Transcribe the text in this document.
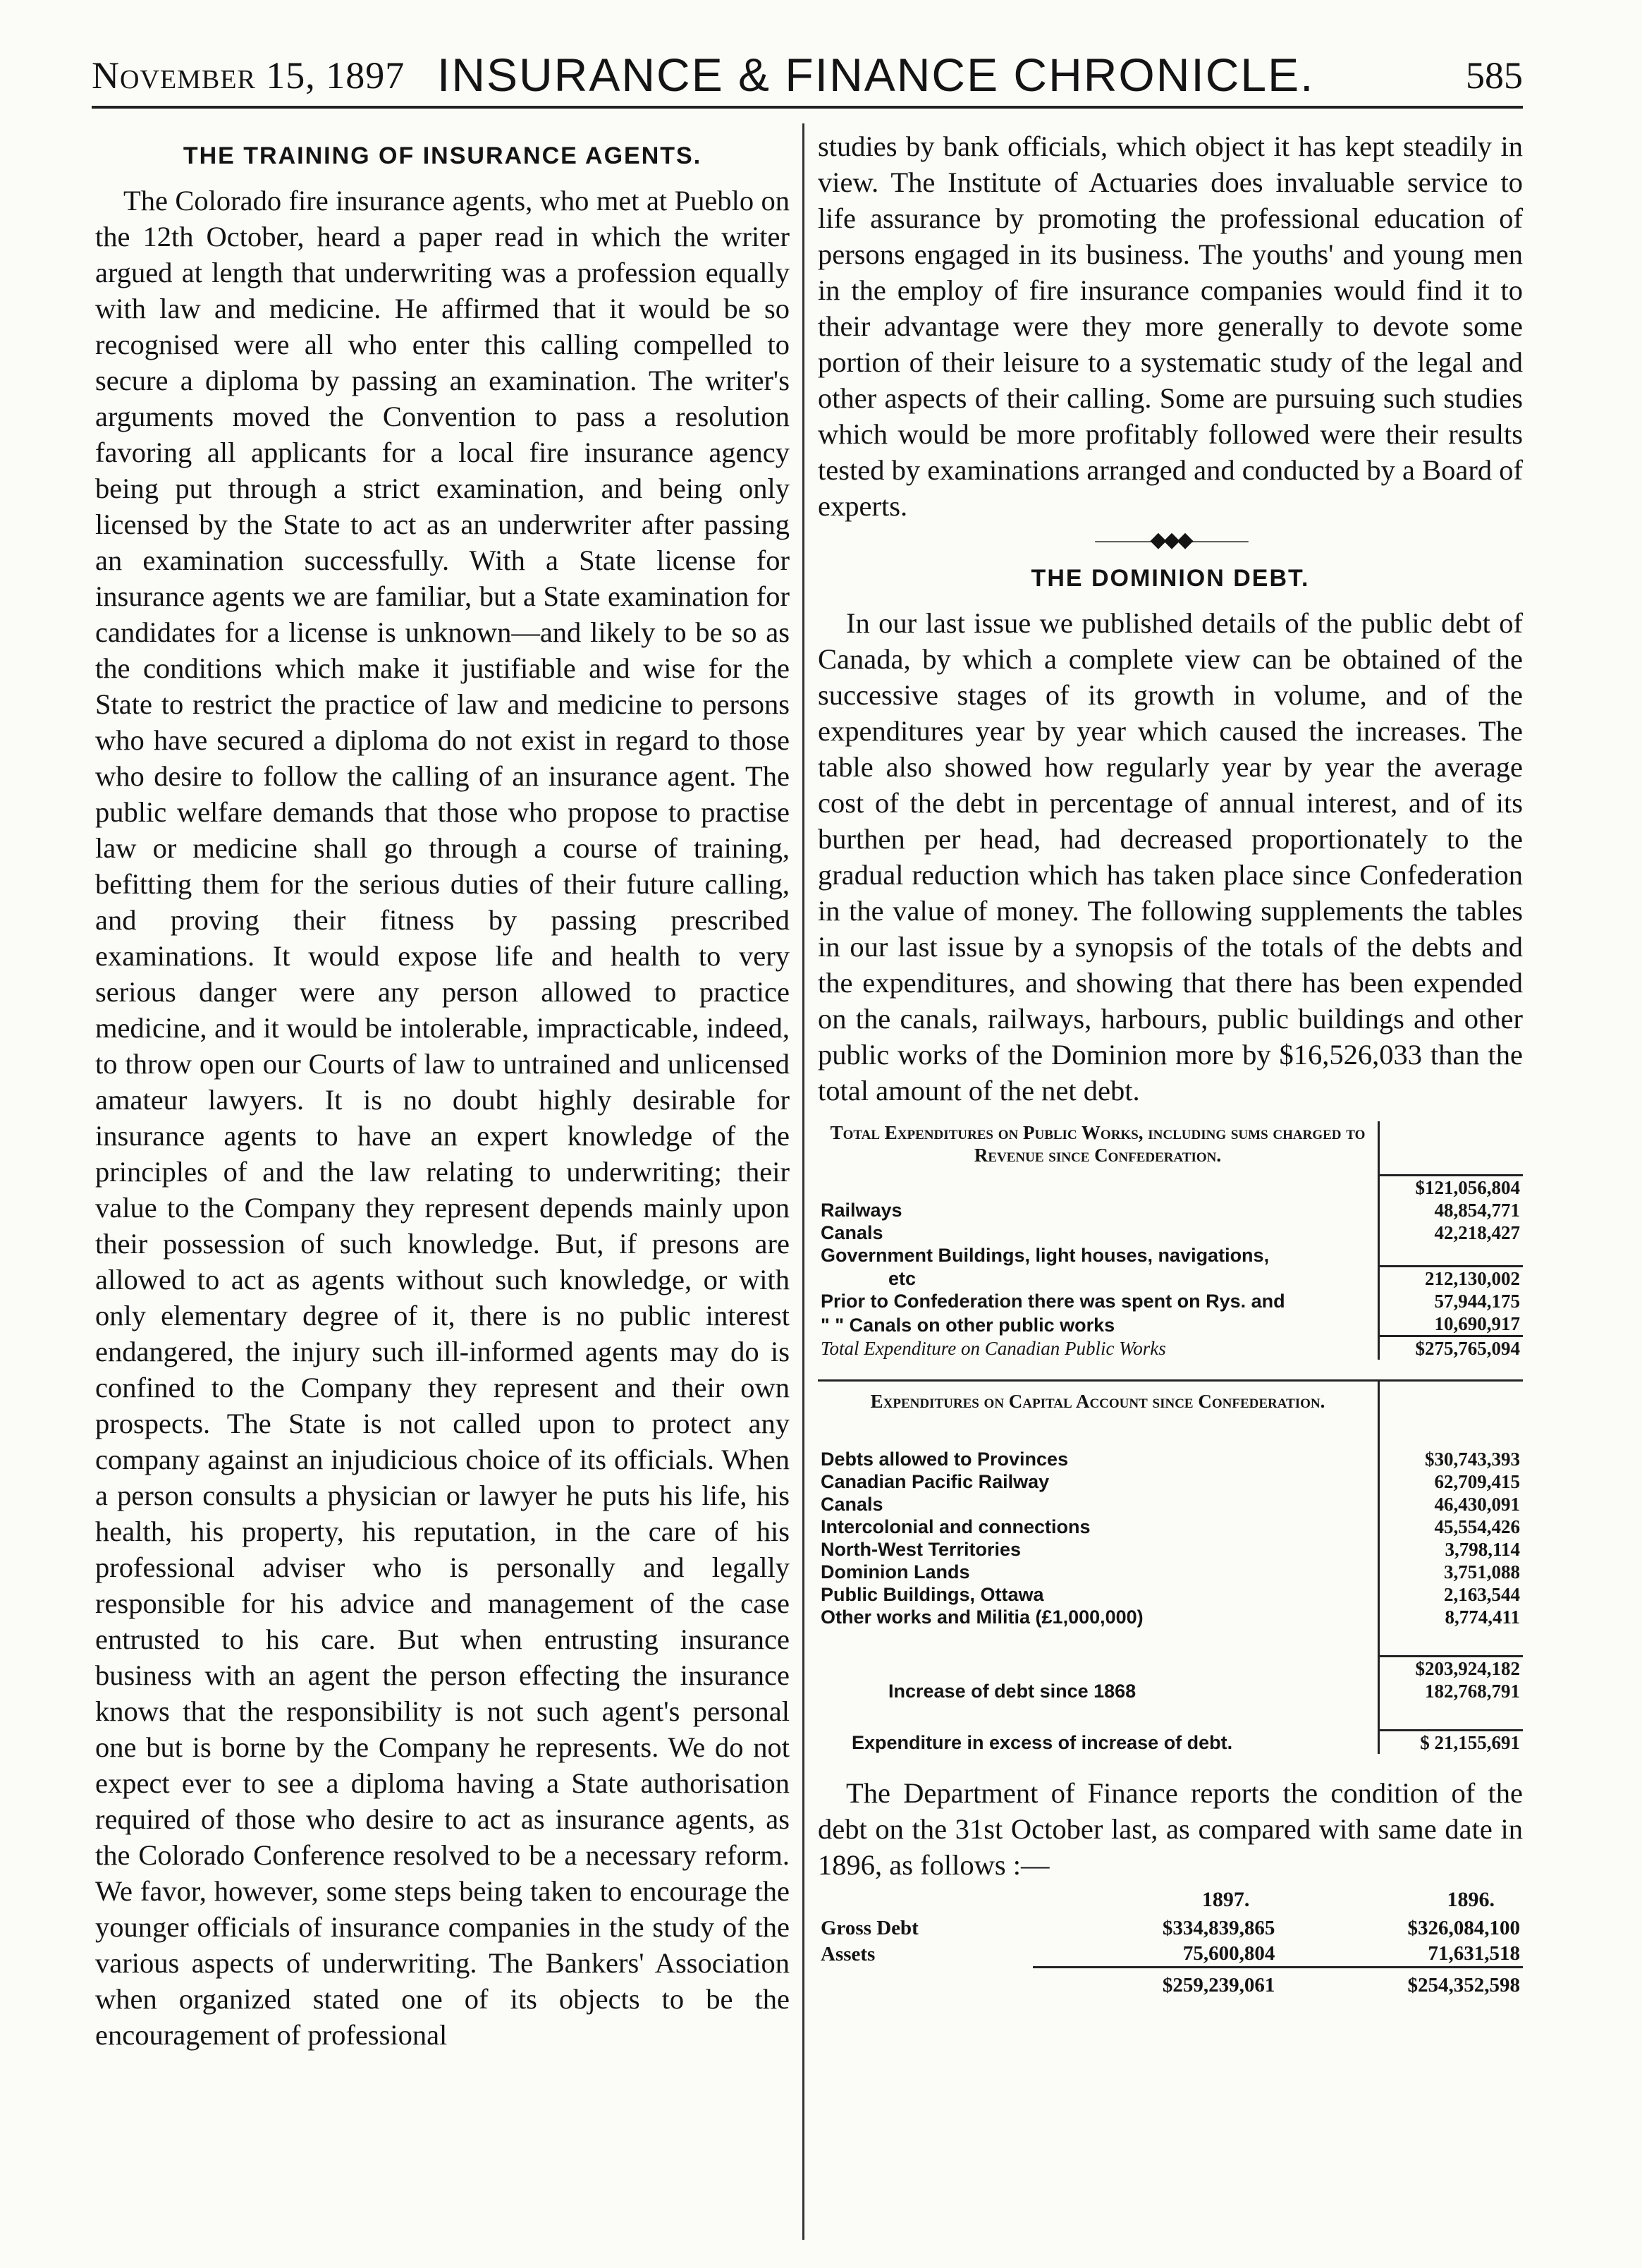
November 15, 1897 INSURANCE & FINANCE CHRONICLE.	585
THE TRAINING OF INSURANCE AGENTS.

The Colorado fire insurance agents, who met at Pueblo on the 12th October, heard a paper read in which the writer argued at length that underwriting was a profession equally with law and medicine. He affirmed that it would be so recognised were all who enter this calling compelled to secure a diploma by passing an examination. The writer's arguments moved the Convention to pass a resolution favoring all applicants for a local fire insurance agency being put through a strict examination, and being only licensed by the State to act as an underwriter after passing an examination successfully. With a State license for insurance agents we are familiar, but a State examination for candidates for a license is unknown—and likely to be so as the conditions which make it justifiable and wise for the State to restrict the practice of law and medicine to persons who have secured a diploma do not exist in regard to those who desire to follow the calling of an insurance agent. The public welfare demands that those who propose to practise law or medicine shall go through a course of training, befitting them for the serious duties of their future calling, and proving their fitness by passing prescribed examinations. It would expose life and health to very serious danger were any person allowed to practice medicine, and it would be intolerable, impracticable, indeed, to throw open our Courts of law to untrained and unlicensed amateur lawyers. It is no doubt highly desirable for insurance agents to have an expert knowledge of the principles of and the law relating to underwriting; their value to the Company they represent depends mainly upon their possession of such knowledge. But, if presons are allowed to act as agents without such knowledge, or with only elementary degree of it, there is no public interest endangered, the injury such ill-informed agents may do is confined to the Company they represent and their own prospects. The State is not called upon to protect any company against an injudicious choice of its officials. When a person consults a physician or lawyer he puts his life, his health, his property, his reputation, in the care of his professional adviser who is personally and legally responsible for his advice and management of the case entrusted to his care. But when entrusting insurance business with an agent the person effecting the insurance knows that the responsibility is not such agent's personal one but is borne by the Company he represents. We do not expect ever to see a diploma having a State authorisation required of those who desire to act as insurance agents, as the Colorado Conference resolved to be a necessary reform. We favor, however, some steps being taken to encourage the younger officials of insurance companies in the study of the various aspects of underwriting. The Bankers' Association when organized stated one of its objects to be the encouragement of professional

studies by bank officials, which object it has kept steadily in view. The Institute of Actuaries does invaluable service to life assurance by promoting the professional education of persons engaged in its business. The youths' and young men in the employ of fire insurance companies would find it to their advantage were they more generally to devote some portion of their leisure to a systematic study of the legal and other aspects of their calling. Some are pursuing such studies which would be more profitably followed were their results tested by examinations arranged and conducted by a Board of experts.

———◆◆◆———
THE DOMINION DEBT.

In our last issue we published details of the public debt of Canada, by which a complete view can be obtained of the successive stages of its growth in volume, and of the expenditures year by year which caused the increases. The table also showed how regularly year by year the average cost of the debt in percentage of annual interest, and of its burthen per head, had decreased proportionately to the gradual reduction which has taken place since Confederation in the value of money. The following supplements the tables in our last issue by a synopsis of the totals of the debts and the expenditures, and showing that there has been expended on the canals, railways, harbours, public buildings and other public works of the Dominion more by $16,526,033 than the total amount of the net debt.

Total Expenditures on Public Works, including sums charged to Revenue since Confederation.	
	$121,056,804
Railways	48,854,771
Canals	42,218,427
Government Buildings, light houses, navigations,	
etc	212,130,002
Prior to Confederation there was spent on Rys. and	57,944,175
" " Canals on other public works	10,690,917
Total Expenditure on Canadian Public Works	$275,765,094
Expenditures on Capital Account since Confederation.	

Debts allowed to Provinces	$30,743,393
Canadian Pacific Railway	62,709,415
Canals	46,430,091
Intercolonial and connections	45,554,426
North-West Territories	3,798,114
Dominion Lands	3,751,088
Public Buildings, Ottawa	2,163,544
Other works and Militia (£1,000,000)	8,774,411

	$203,924,182
Increase of debt since 1868	182,768,791

Expenditure in excess of increase of debt.	$ 21,155,691

The Department of Finance reports the condition of the debt on the 31st October last, as compared with same date in 1896, as follows :—

	1897.	1896.
Gross Debt	$334,839,865	$326,084,100
Assets	75,600,804	71,631,518
	$259,239,061	$254,352,598
